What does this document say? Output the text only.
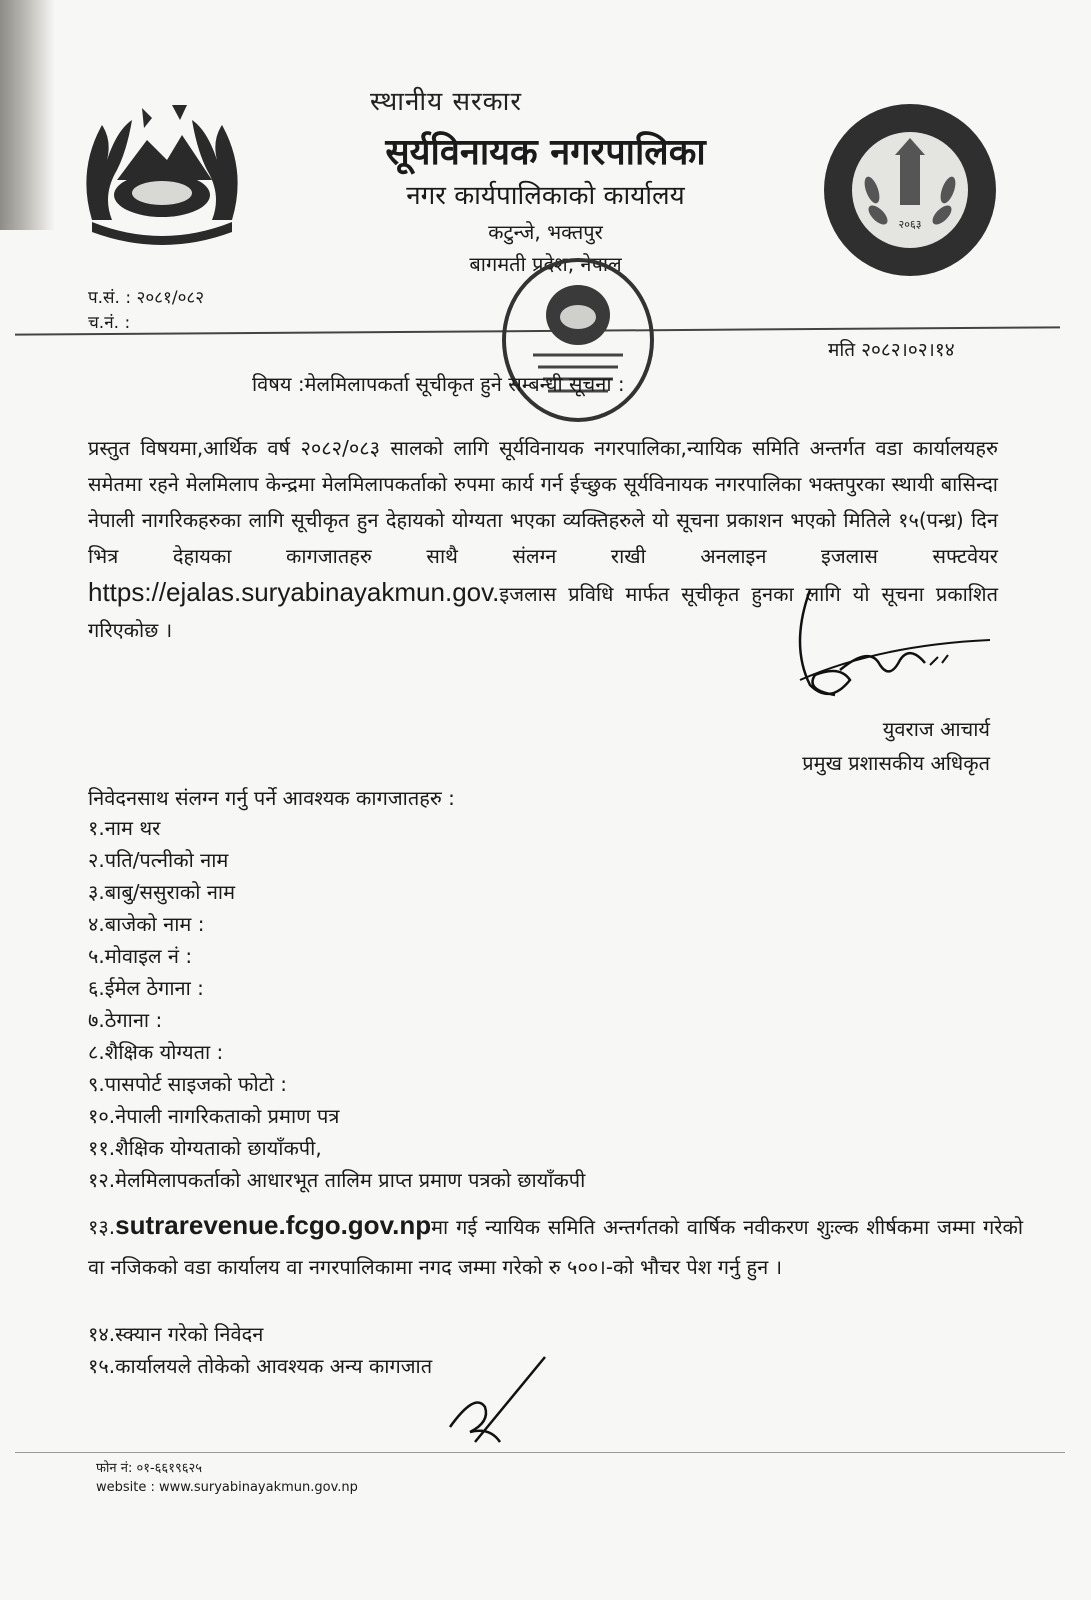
२०६३
स्थानीय सरकार
सूर्यविनायक नगरपालिका
नगर कार्यपालिकाको कार्यालय
कटुन्जे, भक्तपुर
बागमती प्रदेश, नेपाल
प.सं. : २०८१/०८२
च.नं. :
मति २०८२।०२।१४
विषय :मेलमिलापकर्ता सूचीकृत हुने सम्बन्धी सूचना :
प्रस्तुत विषयमा,आर्थिक वर्ष २०८२/०८३ सालको लागि सूर्यविनायक नगरपालिका,न्यायिक समिति अन्तर्गत वडा कार्यालयहरु समेतमा रहने मेलमिलाप केन्द्रमा मेलमिलापकर्ताको रुपमा कार्य गर्न ईच्छुक सूर्यविनायक नगरपालिका भक्तपुरका स्थायी बासिन्दा नेपाली नागरिकहरुका लागि सूचीकृत हुन देहायको योग्यता भएका व्यक्तिहरुले यो सूचना प्रकाशन भएको मितिले १५(पन्ध्र) दिन भित्र देहायका कागजातहरु साथै संलग्न राखी अनलाइन इजलास सफ्टवेयर https://ejalas.suryabinayakmun.gov.इजलास प्रविधि मार्फत सूचीकृत हुनका लागि यो सूचना प्रकाशित गरिएकोछ ।
युवराज आचार्य
प्रमुख प्रशासकीय अधिकृत
निवेदनसाथ संलग्न गर्नु पर्ने आवश्यक कागजातहरु :
१.नाम थर
२.पति/पत्नीको नाम
३.बाबु/ससुराको नाम
४.बाजेको नाम :
५.मोवाइल नं :
६.ईमेल ठेगाना :
७.ठेगाना :
८.शैक्षिक योग्यता :
९.पासपोर्ट साइजको फोटो :
१०.नेपाली नागरिकताको प्रमाण पत्र
११.शैक्षिक योग्यताको छायाँकपी,
१२.मेलमिलापकर्ताको आधारभूत तालिम प्राप्त प्रमाण पत्रको छायाँकपी
१३.sutrarevenue.fcgo.gov.npमा गई न्यायिक समिति अन्तर्गतको वार्षिक नवीकरण शुःल्क शीर्षकमा जम्मा गरेको वा नजिकको वडा कार्यालय वा नगरपालिकामा नगद जम्मा गरेको रु ५००।-को भौचर पेश गर्नु हुन ।
१४.स्क्यान गरेको निवेदन
१५.कार्यालयले तोकेको आवश्यक अन्य कागजात
फोन नं: ०१-६६१९६२५
website : www.suryabinayakmun.gov.np
